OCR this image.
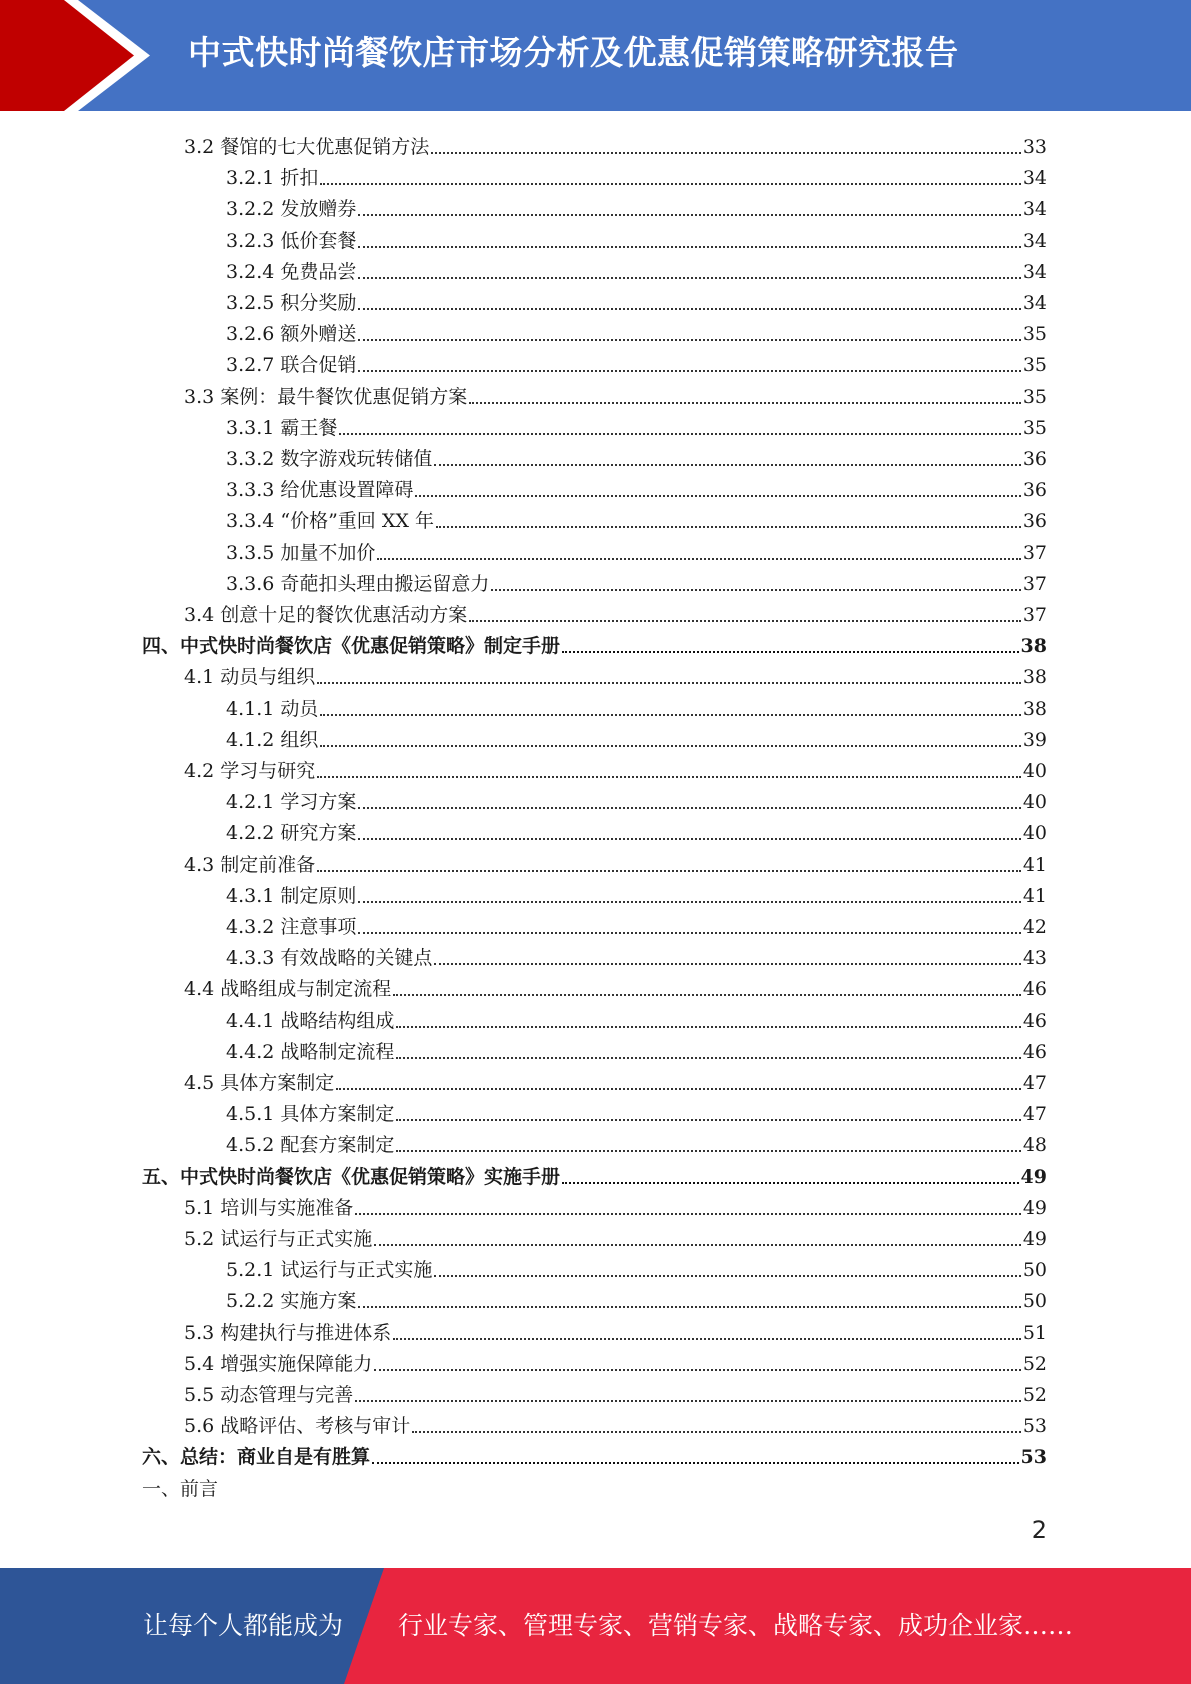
中式快时尚餐饮店市场分析及优惠促销策略研究报告
3.2 餐馆的七大优惠促销方法	33
3.2.1 折扣	34
3.2.2 发放赠券	34
3.2.3 低价套餐	34
3.2.4 免费品尝	34
3.2.5 积分奖励	34
3.2.6 额外赠送	35
3.2.7 联合促销	35
3.3 案例：最牛餐饮优惠促销方案	35
3.3.1 霸王餐	35
3.3.2 数字游戏玩转储值	36
3.3.3 给优惠设置障碍	36
3.3.4 “价格”重回 XX 年	36
3.3.5 加量不加价	37
3.3.6 奇葩扣头理由搬运留意力	37
3.4 创意十足的餐饮优惠活动方案	37
四、中式快时尚餐饮店《优惠促销策略》制定手册	38
4.1 动员与组织	38
4.1.1 动员	38
4.1.2 组织	39
4.2 学习与研究	40
4.2.1 学习方案	40
4.2.2 研究方案	40
4.3 制定前准备	41
4.3.1 制定原则	41
4.3.2 注意事项	42
4.3.3 有效战略的关键点	43
4.4 战略组成与制定流程	46
4.4.1 战略结构组成	46
4.4.2 战略制定流程	46
4.5 具体方案制定	47
4.5.1 具体方案制定	47
4.5.2 配套方案制定	48
五、中式快时尚餐饮店《优惠促销策略》实施手册	49
5.1 培训与实施准备	49
5.2 试运行与正式实施	49
5.2.1 试运行与正式实施	50
5.2.2 实施方案	50
5.3 构建执行与推进体系	51
5.4 增强实施保障能力	52
5.5 动态管理与完善	52
5.6 战略评估、考核与审计	53
六、总结：商业自是有胜算	53
一、前言
2
让每个人都能成为 行业专家、管理专家、营销专家、战略专家、成功企业家……
